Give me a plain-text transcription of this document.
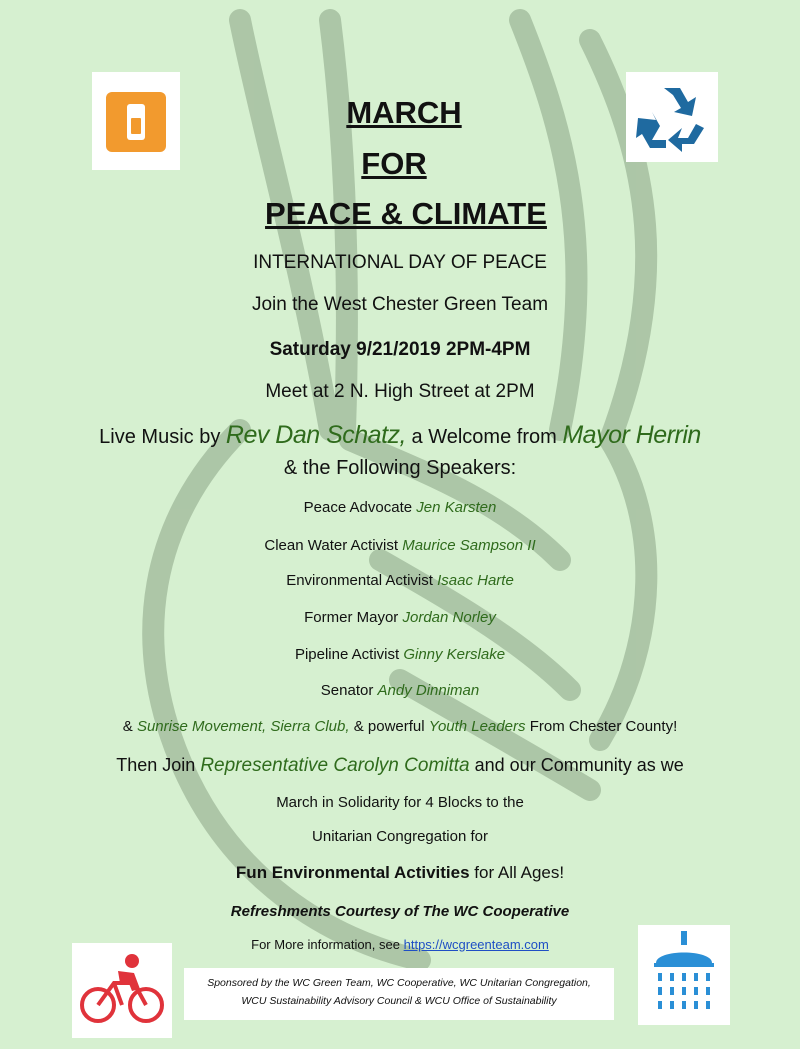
MARCH
FOR
PEACE & CLIMATE
INTERNATIONAL DAY OF PEACE
Join the West Chester Green Team
Saturday 9/21/2019 2PM-4PM
Meet at 2 N. High Street at 2PM
Live Music by Rev Dan Schatz, a Welcome from Mayor Herrin
& the Following Speakers:
Peace Advocate Jen Karsten
Clean Water Activist Maurice Sampson II
Environmental Activist Isaac Harte
Former Mayor Jordan Norley
Pipeline Activist Ginny Kerslake
Senator Andy Dinniman
& Sunrise Movement, Sierra Club, & powerful Youth Leaders From Chester County!
Then Join Representative Carolyn Comitta and our Community as we
March in Solidarity for 4 Blocks to the
Unitarian Congregation for
Fun Environmental Activities for All Ages!
Refreshments Courtesy of The WC Cooperative
For More information, see https://wcgreenteam.com
Sponsored by the WC Green Team, WC Cooperative, WC Unitarian Congregation,
WCU Sustainability Advisory Council & WCU Office of Sustainability
